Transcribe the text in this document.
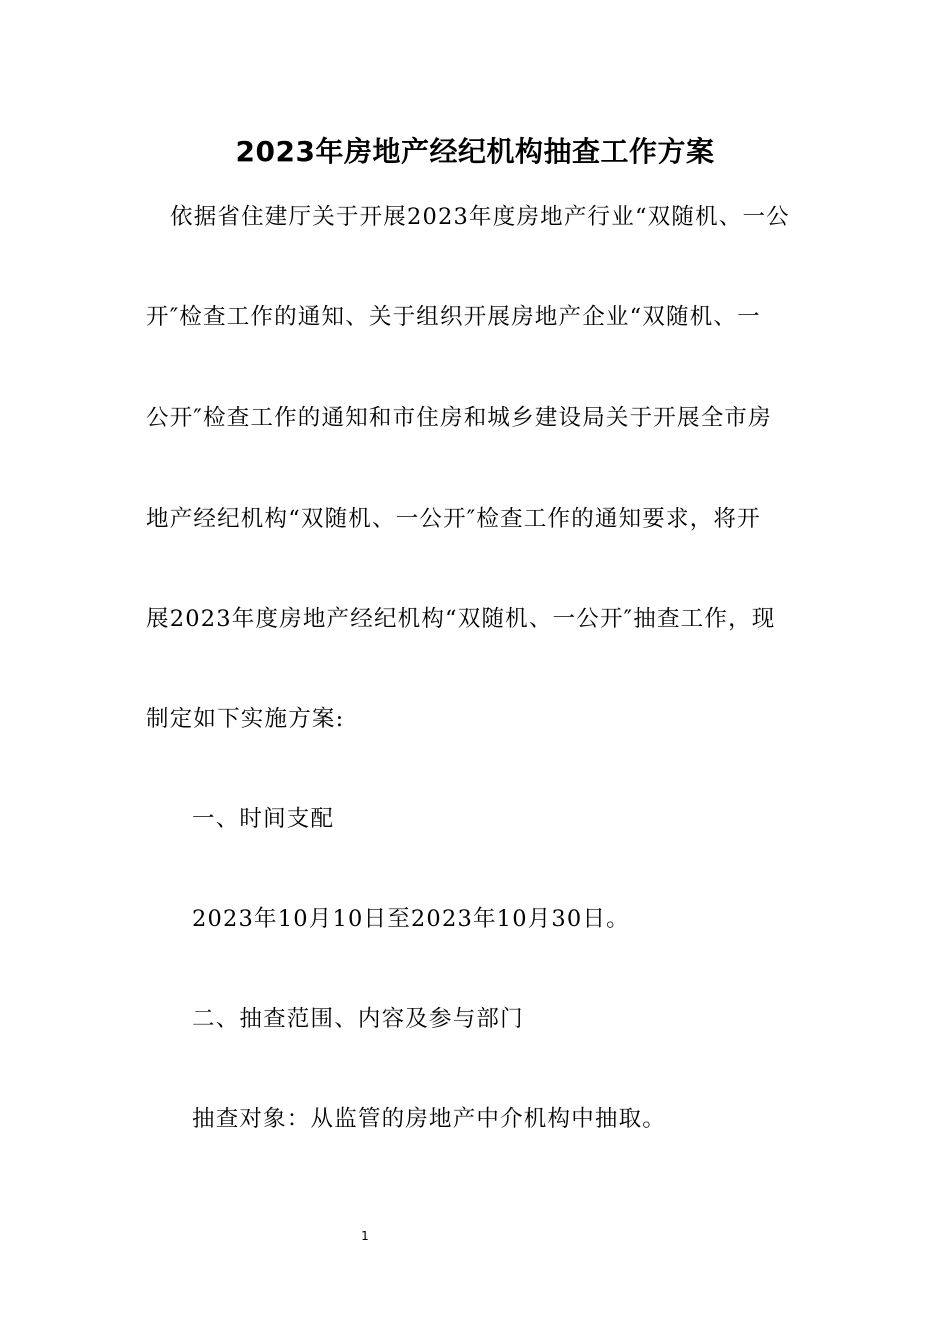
2023年房地产经纪机构抽查工作方案
依据省住建厅关于开展2023年度房地产行业“双随机、一公
开″检查工作的通知、关于组织开展房地产企业“双随机、一
公开″检查工作的通知和市住房和城乡建设局关于开展全市房
地产经纪机构“双随机、一公开″检查工作的通知要求，将开
展2023年度房地产经纪机构“双随机、一公开″抽查工作，现
制定如下实施方案:
一、时间支配
2023年10月10日至2023年10月30日。
二、抽查范围、内容及参与部门
抽查对象：从监管的房地产中介机构中抽取。
1
